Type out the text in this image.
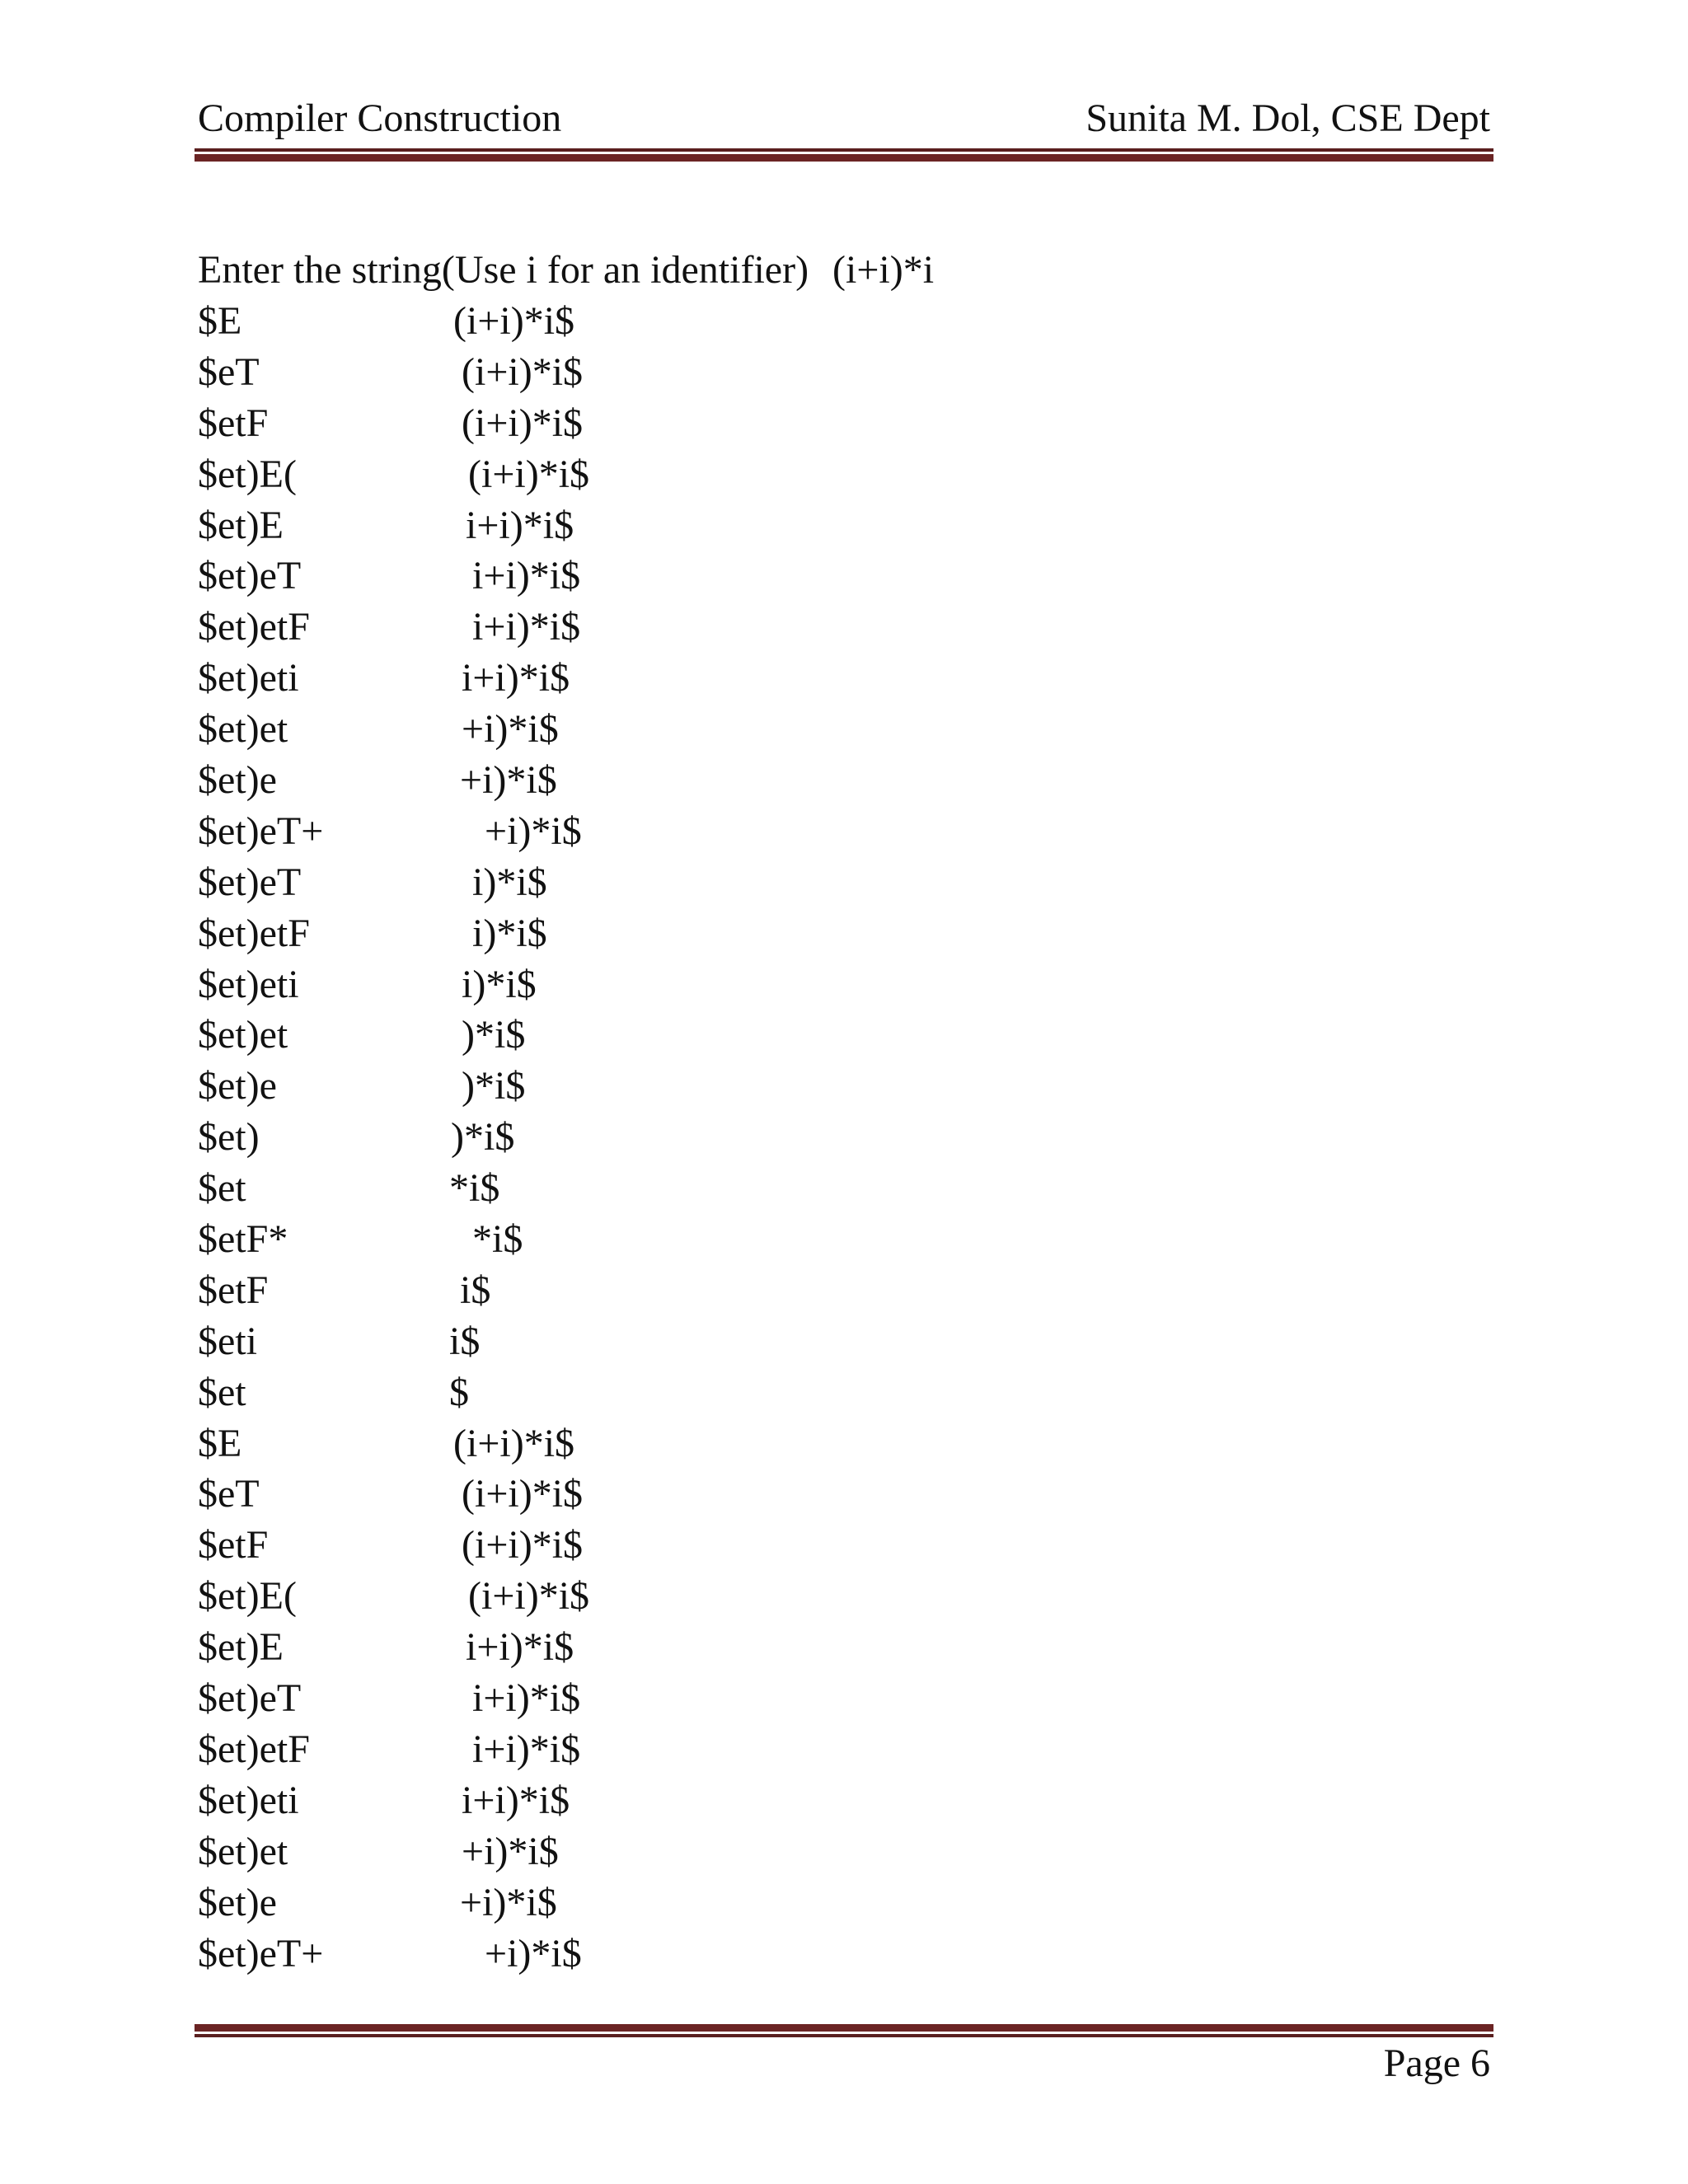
Compiler Construction	Sunita M. Dol, CSE Dept
Enter the string(Use i for an identifier) (i+i)*i
$E	(i+i)*i$
$eT	(i+i)*i$
$etF	(i+i)*i$
$et)E(	(i+i)*i$
$et)E	i+i)*i$
$et)eT	i+i)*i$
$et)etF	i+i)*i$
$et)eti	i+i)*i$
$et)et	+i)*i$
$et)e	+i)*i$
$et)eT+	+i)*i$
$et)eT	i)*i$
$et)etF	i)*i$
$et)eti	i)*i$
$et)et	)*i$
$et)e	)*i$
$et)	)*i$
$et	*i$
$etF*	*i$
$etF	i$
$eti	i$
$et	$
$E	(i+i)*i$
$eT	(i+i)*i$
$etF	(i+i)*i$
$et)E(	(i+i)*i$
$et)E	i+i)*i$
$et)eT	i+i)*i$
$et)etF	i+i)*i$
$et)eti	i+i)*i$
$et)et	+i)*i$
$et)e	+i)*i$
$et)eT+	+i)*i$
Page 6
